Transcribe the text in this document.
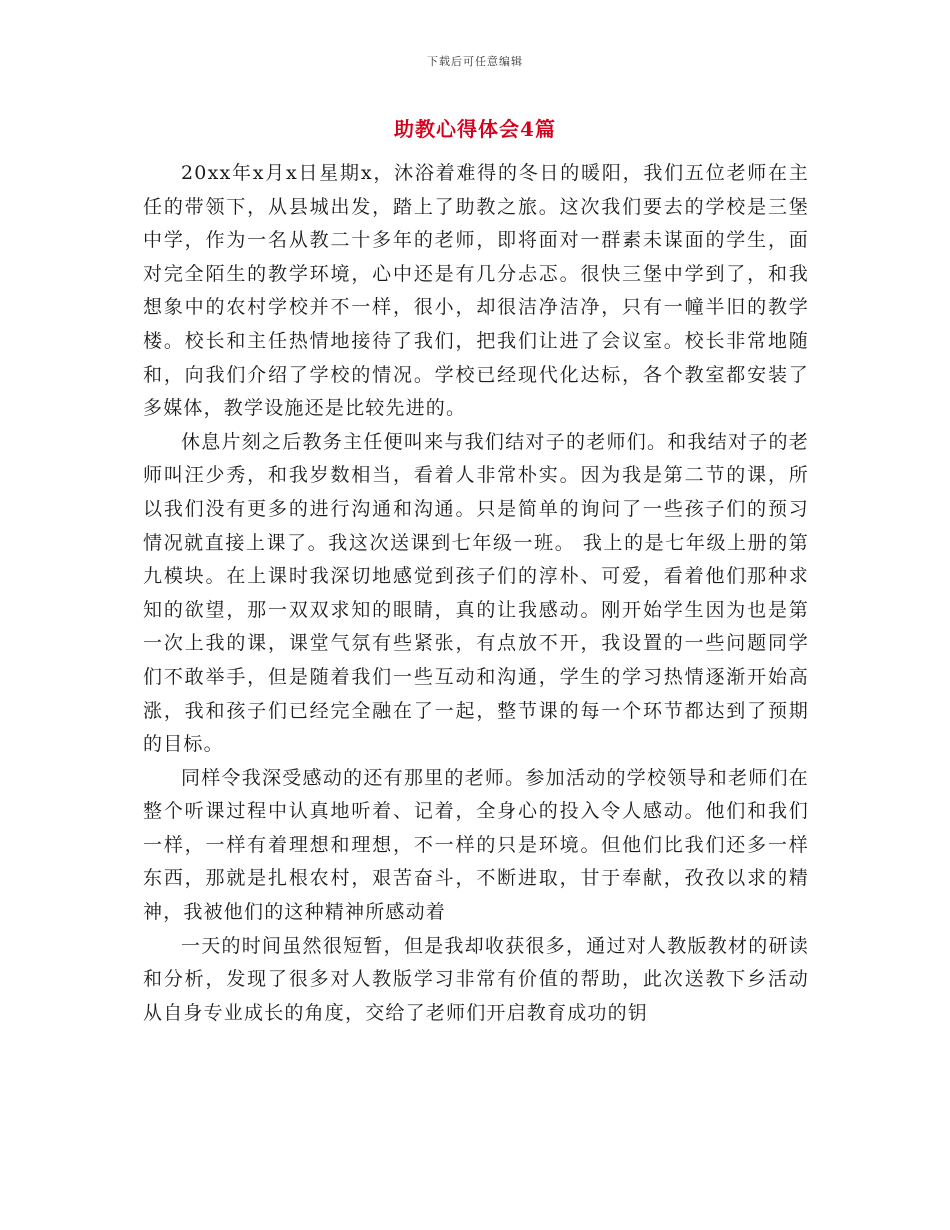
下载后可任意编辑
助教心得体会4篇

20xx年x月x日星期x，沐浴着难得的冬日的暖阳，我们五位老师在主任的带领下，从县城出发，踏上了助教之旅。这次我们要去的学校是三堡中学，作为一名从教二十多年的老师，即将面对一群素未谋面的学生，面对完全陌生的教学环境，心中还是有几分忐忑。很快三堡中学到了，和我想象中的农村学校并不一样，很小，却很洁净洁净，只有一幢半旧的教学楼。校长和主任热情地接待了我们，把我们让进了会议室。校长非常地随和，向我们介绍了学校的情况。学校已经现代化达标，各个教室都安装了多媒体，教学设施还是比较先进的。

休息片刻之后教务主任便叫来与我们结对子的老师们。和我结对子的老师叫汪少秀，和我岁数相当，看着人非常朴实。因为我是第二节的课，所以我们没有更多的进行沟通和沟通。只是简单的询问了一些孩子们的预习情况就直接上课了。我这次送课到七年级一班。 我上的是七年级上册的第九模块。在上课时我深切地感觉到孩子们的淳朴、可爱，看着他们那种求知的欲望，那一双双求知的眼睛，真的让我感动。刚开始学生因为也是第一次上我的课，课堂气氛有些紧张，有点放不开，我设置的一些问题同学们不敢举手，但是随着我们一些互动和沟通，学生的学习热情逐渐开始高涨，我和孩子们已经完全融在了一起，整节课的每一个环节都达到了预期的目标。

同样令我深受感动的还有那里的老师。参加活动的学校领导和老师们在整个听课过程中认真地听着、记着，全身心的投入令人感动。他们和我们一样，一样有着理想和理想，不一样的只是环境。但他们比我们还多一样东西，那就是扎根农村，艰苦奋斗，不断进取，甘于奉献，孜孜以求的精神，我被他们的这种精神所感动着

一天的时间虽然很短暂，但是我却收获很多，通过对人教版教材的研读和分析，发现了很多对人教版学习非常有价值的帮助，此次送教下乡活动从自身专业成长的角度，交给了老师们开启教育成功的钥
